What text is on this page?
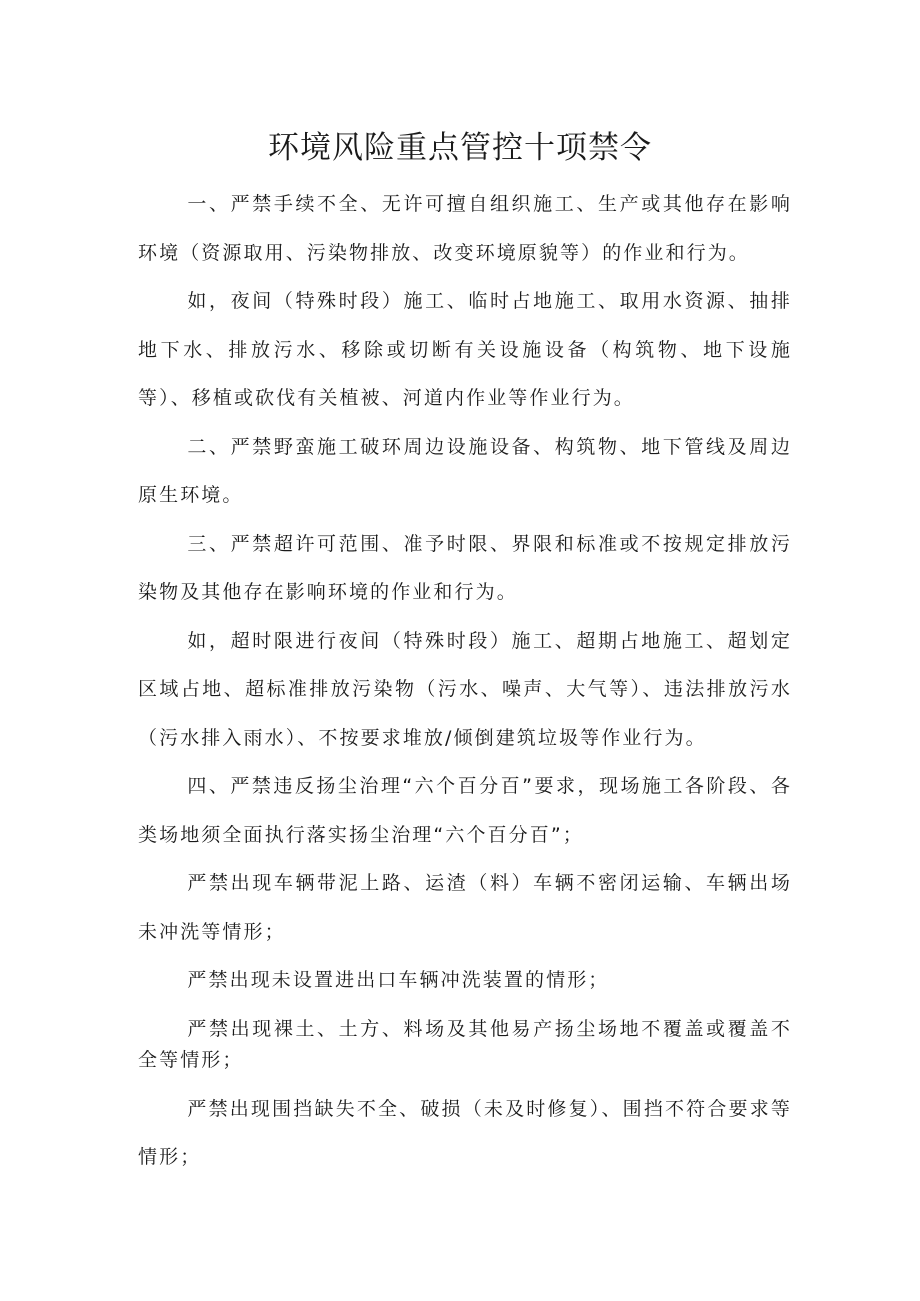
环境风险重点管控十项禁令

一、严禁手续不全、无许可擅自组织施工、生产或其他存在影响环境（资源取用、污染物排放、改变环境原貌等）的作业和行为。

如，夜间（特殊时段）施工、临时占地施工、取用水资源、抽排地下水、排放污水、移除或切断有关设施设备（构筑物、地下设施等）、移植或砍伐有关植被、河道内作业等作业行为。

二、严禁野蛮施工破环周边设施设备、构筑物、地下管线及周边原生环境。

三、严禁超许可范围、准予时限、界限和标准或不按规定排放污染物及其他存在影响环境的作业和行为。

如，超时限进行夜间（特殊时段）施工、超期占地施工、超划定区域占地、超标准排放污染物（污水、噪声、大气等）、违法排放污水（污水排入雨水）、不按要求堆放/倾倒建筑垃圾等作业行为。

四、严禁违反扬尘治理“六个百分百”要求，现场施工各阶段、各类场地须全面执行落实扬尘治理“六个百分百”；

严禁出现车辆带泥上路、运渣（料）车辆不密闭运输、车辆出场未冲洗等情形；

严禁出现未设置进出口车辆冲洗装置的情形；

严禁出现裸土、土方、料场及其他易产扬尘场地不覆盖或覆盖不全等情形；

严禁出现围挡缺失不全、破损（未及时修复）、围挡不符合要求等情形；
